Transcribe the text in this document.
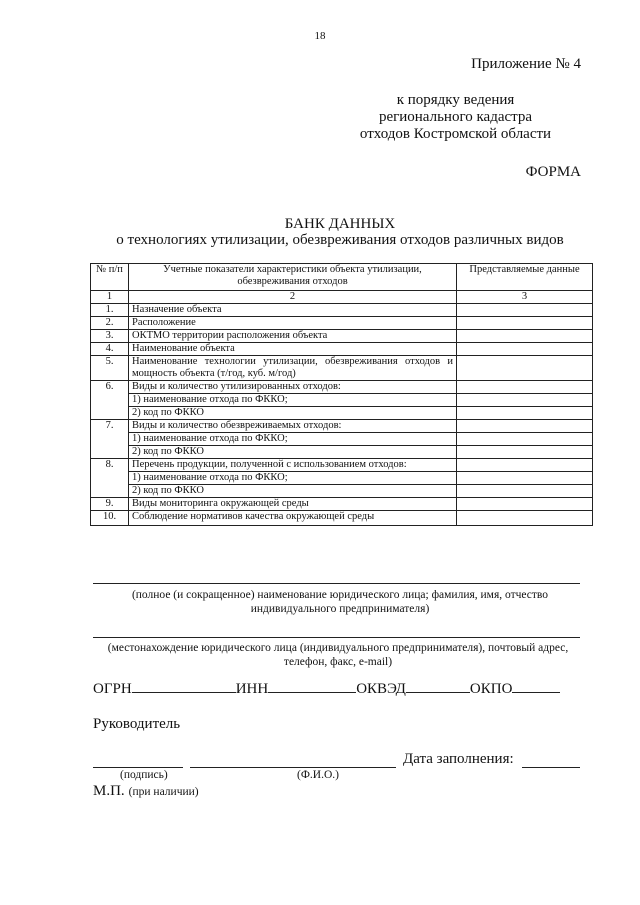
18
Приложение № 4
к порядку ведения
регионального кадастра
отходов Костромской области
ФОРМА
БАНК ДАННЫХ
о технологиях утилизации, обезвреживания отходов различных видов
№ п/п	Учетные показатели характеристики объекта утилизации, обезвреживания отходов	Представляемые данные
1	2	3
1.	Назначение объекта	
2.	Расположение	
3.	ОКТМО территории расположения объекта	
4.	Наименование объекта	
5.	Наименование технологии утилизации, обезвреживания отходов и мощность объекта (т/год, куб. м/год)	
6.	Виды и количество утилизированных отходов:	
	1) наименование отхода по ФККО;	
	2) код по ФККО	
7.	Виды и количество обезвреживаемых отходов:	
	1) наименование отхода по ФККО;	
	2) код по ФККО	
8.	Перечень продукции, полученной с использованием отходов:	
	1) наименование отхода по ФККО;	
	2) код по ФККО	
9.	Виды мониторинга окружающей среды	
10.	Соблюдение нормативов качества окружающей среды	
(полное (и сокращенное) наименование юридического лица; фамилия, имя, отчество индивидуального предпринимателя)
(местонахождение юридического лица (индивидуального предпринимателя), почтовый адрес, телефон, факс, e-mail)
ОГРН	ИНН	ОКВЭД	ОКПО
Руководитель
Дата заполнения:
(подпись)	(Ф.И.О.)
М.П. (при наличии)
